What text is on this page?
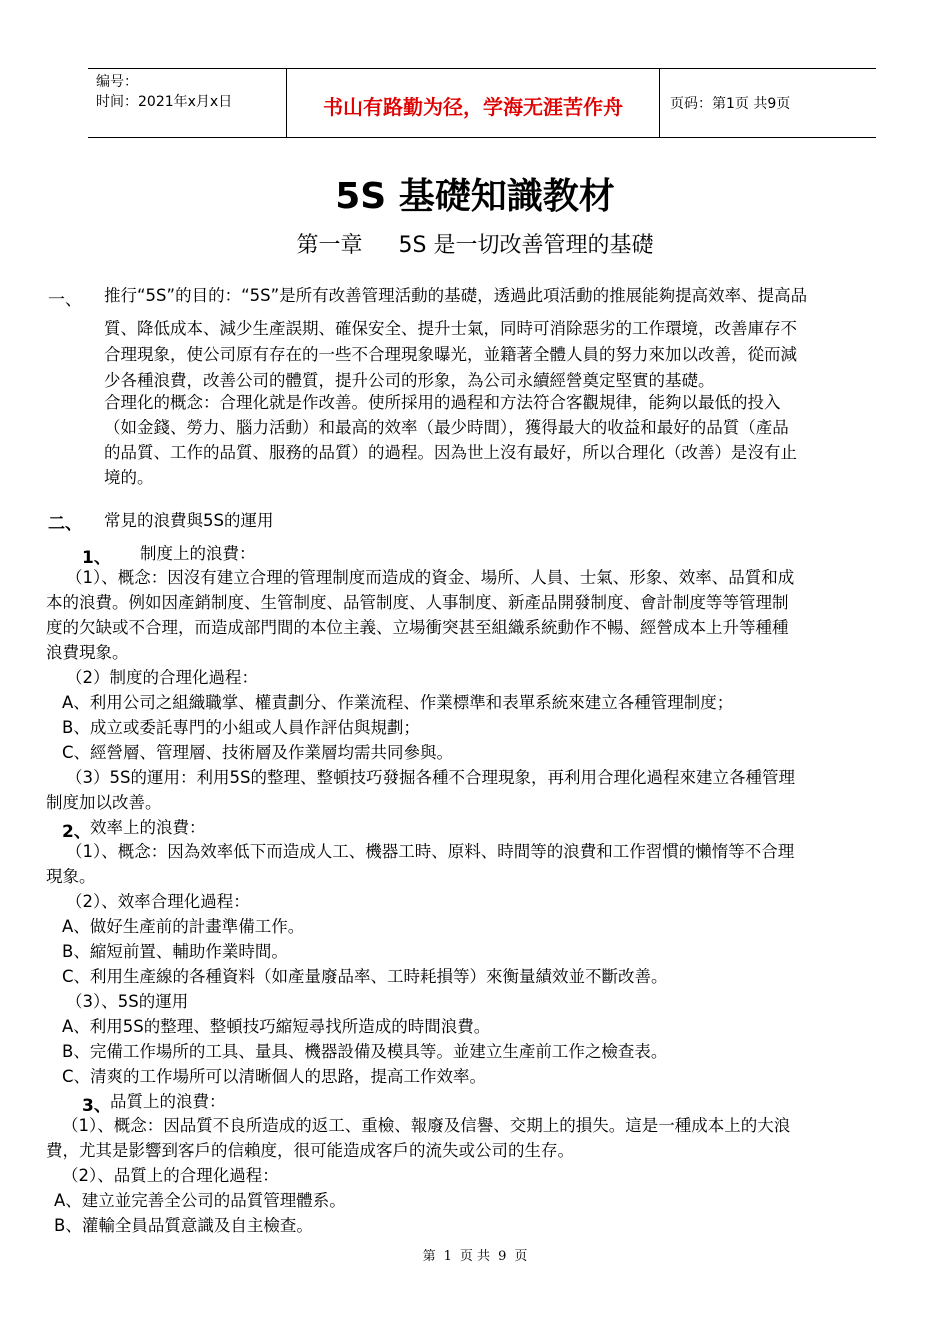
编号：
时间：2021年x月x日	书山有路勤为径，学海无涯苦作舟	页码：第1页 共9页
5S 基礎知識教材
第一章 5S 是一切改善管理的基礎
一、 推行“5S”的目的：“5S”是所有改善管理活動的基礎，透過此項活動的推展能夠提高效率、提高品
質、降低成本、減少生產誤期、確保安全、提升士氣，同時可消除惡劣的工作環境，改善庫存不
合理現象，使公司原有存在的一些不合理現象曝光，並籍著全體人員的努力來加以改善，從而減
少各種浪費，改善公司的體質，提升公司的形象，為公司永續經營奠定堅實的基礎。
合理化的概念：合理化就是作改善。使所採用的過程和方法符合客觀規律，能夠以最低的投入
（如金錢、勞力、腦力活動）和最高的效率（最少時間），獲得最大的收益和最好的品質（產品
的品質、工作的品質、服務的品質）的過程。因為世上沒有最好，所以合理化（改善）是沒有止
境的。
二、 常見的浪費與5S的運用
1、 制度上的浪費：
（1）、概念：因沒有建立合理的管理制度而造成的資金、場所、人員、士氣、形象、效率、品質和成
本的浪費。例如因產銷制度、生管制度、品管制度、人事制度、新產品開發制度、會計制度等等管理制
度的欠缺或不合理，而造成部門間的本位主義、立場衝突甚至組織系統動作不暢、經營成本上升等種種
浪費現象。
（2）制度的合理化過程：
A、利用公司之組織職掌、權責劃分、作業流程、作業標準和表單系統來建立各種管理制度；
B、成立或委託專門的小組或人員作評估與規劃；
C、經營層、管理層、技術層及作業層均需共同參與。
（3）5S的運用：利用5S的整理、整頓技巧發掘各種不合理現象，再利用合理化過程來建立各種管理
制度加以改善。
2、 效率上的浪費：
（1）、概念：因為效率低下而造成人工、機器工時、原料、時間等的浪費和工作習慣的懶惰等不合理
現象。
（2）、效率合理化過程：
A、做好生產前的計畫準備工作。
B、縮短前置、輔助作業時間。
C、利用生產線的各種資料（如產量廢品率、工時耗損等）來衡量績效並不斷改善。
（3）、5S的運用
A、利用5S的整理、整頓技巧縮短尋找所造成的時間浪費。
B、完備工作場所的工具、量具、機器設備及模具等。並建立生產前工作之檢查表。
C、清爽的工作場所可以清晰個人的思路，提高工作效率。
3、 品質上的浪費：
（1）、概念：因品質不良所造成的返工、重檢、報廢及信譽、交期上的損失。這是一種成本上的大浪
費，尤其是影響到客戶的信賴度，很可能造成客戶的流失或公司的生存。
（2）、品質上的合理化過程：
A、建立並完善全公司的品質管理體系。
B、灌輸全員品質意識及自主檢查。
第 1 页 共 9 页
